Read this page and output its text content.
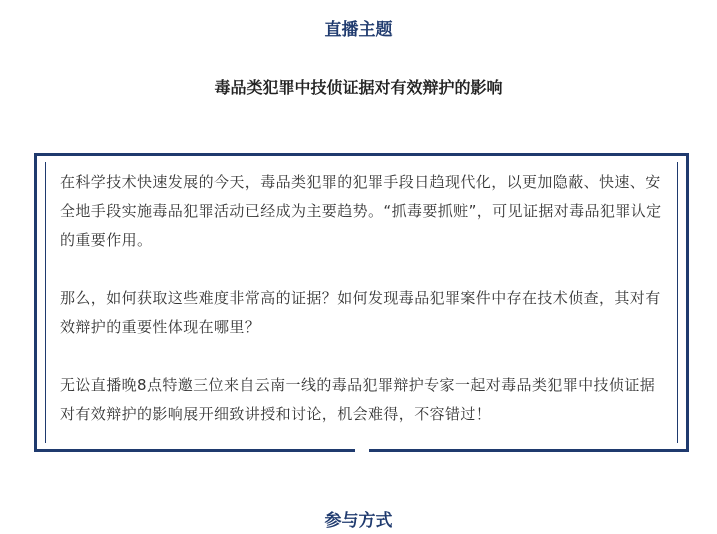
直播主题
毒品类犯罪中技侦证据对有效辩护的影响

在科学技术快速发展的今天，毒品类犯罪的犯罪手段日趋现代化，以更加隐蔽、快速、安全地手段实施毒品犯罪活动已经成为主要趋势。“抓毒要抓赃”，可见证据对毒品犯罪认定的重要作用。

那么，如何获取这些难度非常高的证据？如何发现毒品犯罪案件中存在技术侦查，其对有效辩护的重要性体现在哪里？

无讼直播晚8点特邀三位来自云南一线的毒品犯罪辩护专家一起对毒品类犯罪中技侦证据对有效辩护的影响展开细致讲授和讨论，机会难得，不容错过！

参与方式
